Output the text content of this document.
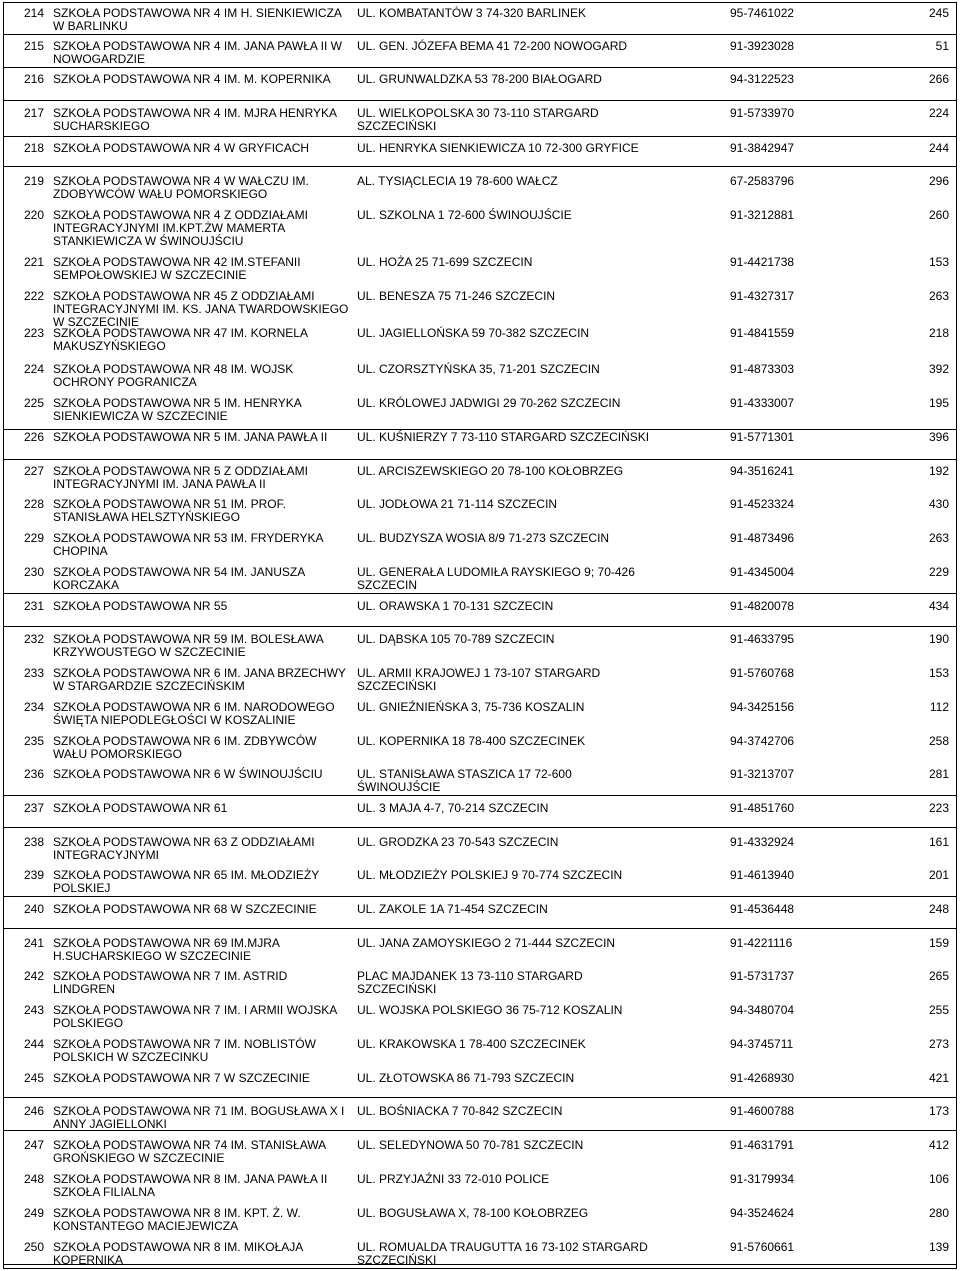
214 SZKOŁA PODSTAWOWA NR 4 IM H. SIENKIEWICZA
W BARLINKU
UL. KOMBATANTÓW 3 74-320 BARLINEK	95-7461022	245
215 SZKOŁA PODSTAWOWA NR 4 IM. JANA PAWŁA II W
NOWOGARDZIE
UL. GEN. JÓZEFA BEMA 41 72-200 NOWOGARD	91-3923028	51
216 SZKOŁA PODSTAWOWA NR 4 IM. M. KOPERNIKA	UL. GRUNWALDZKA 53 78-200 BIAŁOGARD	94-3122523	266
217 SZKOŁA PODSTAWOWA NR 4 IM. MJRA HENRYKA
SUCHARSKIEGO
UL. WIELKOPOLSKA 30 73-110 STARGARD
SZCZECIŃSKI
91-5733970	224
218 SZKOŁA PODSTAWOWA NR 4 W GRYFICACH	UL. HENRYKA SIENKIEWICZA 10 72-300 GRYFICE	91-3842947	244
219 SZKOŁA PODSTAWOWA NR 4 W WAŁCZU IM.
ZDOBYWCÓW WAŁU POMORSKIEGO
AL. TYSIĄCLECIA 19 78-600 WAŁCZ	67-2583796	296
220 SZKOŁA PODSTAWOWA NR 4 Z ODDZIAŁAMI
INTEGRACYJNYMI IM.KPT.ŻW MAMERTA
STANKIEWICZA W ŚWINOUJŚCIU
UL. SZKOLNA 1 72-600 ŚWINOUJŚCIE	91-3212881	260
221 SZKOŁA PODSTAWOWA NR 42 IM.STEFANII
SEMPOŁOWSKIEJ W SZCZECINIE
UL. HOŻA 25 71-699 SZCZECIN	91-4421738	153
222 SZKOŁA PODSTAWOWA NR 45 Z ODDZIAŁAMI
INTEGRACYJNYMI IM. KS. JANA TWARDOWSKIEGO
W SZCZECINIE
UL. BENESZA 75 71-246 SZCZECIN	91-4327317	263
223 SZKOŁA PODSTAWOWA NR 47 IM. KORNELA
MAKUSZYŃSKIEGO
UL. JAGIELLOŃSKA 59 70-382 SZCZECIN	91-4841559	218
224 SZKOŁA PODSTAWOWA NR 48 IM. WOJSK
OCHRONY POGRANICZA
UL. CZORSZTYŃSKA 35, 71-201 SZCZECIN	91-4873303	392
225 SZKOŁA PODSTAWOWA NR 5 IM. HENRYKA
SIENKIEWICZA W SZCZECINIE
UL. KRÓLOWEJ JADWIGI 29 70-262 SZCZECIN	91-4333007	195
226 SZKOŁA PODSTAWOWA NR 5 IM. JANA PAWŁA II	UL. KUŚNIERZY 7 73-110 STARGARD SZCZECIŃSKI	91-5771301	396
227 SZKOŁA PODSTAWOWA NR 5 Z ODDZIAŁAMI
INTEGRACYJNYMI IM. JANA PAWŁA II
UL. ARCISZEWSKIEGO 20 78-100 KOŁOBRZEG	94-3516241	192
228 SZKOŁA PODSTAWOWA NR 51 IM. PROF.
STANISŁAWA HELSZTYŃSKIEGO
UL. JODŁOWA 21 71-114 SZCZECIN	91-4523324	430
229 SZKOŁA PODSTAWOWA NR 53 IM. FRYDERYKA
CHOPINA
UL. BUDZYSZA WOSIA 8/9 71-273 SZCZECIN	91-4873496	263
230 SZKOŁA PODSTAWOWA NR 54 IM. JANUSZA
KORCZAKA
UL. GENERAŁA LUDOMIŁA RAYSKIEGO 9; 70-426
SZCZECIN
91-4345004	229
231 SZKOŁA PODSTAWOWA NR 55	UL. ORAWSKA 1 70-131 SZCZECIN	91-4820078	434
232 SZKOŁA PODSTAWOWA NR 59 IM. BOLESŁAWA
KRZYWOUSTEGO W SZCZECINIE
UL. DĄBSKA 105 70-789 SZCZECIN	91-4633795	190
233 SZKOŁA PODSTAWOWA NR 6 IM. JANA BRZECHWY
W STARGARDZIE SZCZECIŃSKIM
UL. ARMII KRAJOWEJ 1 73-107 STARGARD
SZCZECIŃSKI
91-5760768	153
234 SZKOŁA PODSTAWOWA NR 6 IM. NARODOWEGO
ŚWIĘTA NIEPODLEGŁOŚCI W KOSZALINIE
UL. GNIEŹNIEŃSKA 3, 75-736 KOSZALIN	94-3425156	112
235 SZKOŁA PODSTAWOWA NR 6 IM. ZDBYWCÓW
WAŁU POMORSKIEGO
UL. KOPERNIKA 18 78-400 SZCZECINEK	94-3742706	258
236 SZKOŁA PODSTAWOWA NR 6 W ŚWINOUJŚCIU	UL. STANISŁAWA STASZICA 17 72-600
ŚWINOUJŚCIE
91-3213707	281
237 SZKOŁA PODSTAWOWA NR 61	UL. 3 MAJA 4-7, 70-214 SZCZECIN	91-4851760	223
238 SZKOŁA PODSTAWOWA NR 63 Z ODDZIAŁAMI
INTEGRACYJNYMI
UL. GRODZKA 23 70-543 SZCZECIN	91-4332924	161
239 SZKOŁA PODSTAWOWA NR 65 IM. MŁODZIEŻY
POLSKIEJ
UL. MŁODZIEŻY POLSKIEJ 9 70-774 SZCZECIN	91-4613940	201
240 SZKOŁA PODSTAWOWA NR 68 W SZCZECINIE	UL. ZAKOLE 1A 71-454 SZCZECIN	91-4536448	248
241 SZKOŁA PODSTAWOWA NR 69 IM.MJRA
H.SUCHARSKIEGO W SZCZECINIE
UL. JANA ZAMOYSKIEGO 2 71-444 SZCZECIN	91-4221116	159
242 SZKOŁA PODSTAWOWA NR 7 IM. ASTRID
LINDGREN
PLAC MAJDANEK 13 73-110 STARGARD
SZCZECIŃSKI
91-5731737	265
243 SZKOŁA PODSTAWOWA NR 7 IM. I ARMII WOJSKA
POLSKIEGO
UL. WOJSKA POLSKIEGO 36 75-712 KOSZALIN	94-3480704	255
244 SZKOŁA PODSTAWOWA NR 7 IM. NOBLISTÓW
POLSKICH W SZCZECINKU
UL. KRAKOWSKA 1 78-400 SZCZECINEK	94-3745711	273
245 SZKOŁA PODSTAWOWA NR 7 W SZCZECINIE	UL. ZŁOTOWSKA 86 71-793 SZCZECIN	91-4268930	421
246 SZKOŁA PODSTAWOWA NR 71 IM. BOGUSŁAWA X I
ANNY JAGIELLONKI
UL. BOŚNIACKA 7 70-842 SZCZECIN	91-4600788	173
247 SZKOŁA PODSTAWOWA NR 74 IM. STANISŁAWA
GROŃSKIEGO W SZCZECINIE
UL. SELEDYNOWA 50 70-781 SZCZECIN	91-4631791	412
248 SZKOŁA PODSTAWOWA NR 8 IM. JANA PAWŁA II
SZKOŁA FILIALNA
UL. PRZYJAŹNI 33 72-010 POLICE	91-3179934	106
249 SZKOŁA PODSTAWOWA NR 8 IM. KPT. Ż. W.
KONSTANTEGO MACIEJEWICZA
UL. BOGUSŁAWA X, 78-100 KOŁOBRZEG	94-3524624	280
250 SZKOŁA PODSTAWOWA NR 8 IM. MIKOŁAJA
KOPERNIKA
UL. ROMUALDA TRAUGUTTA 16 73-102 STARGARD
SZCZECIŃSKI
91-5760661	139
